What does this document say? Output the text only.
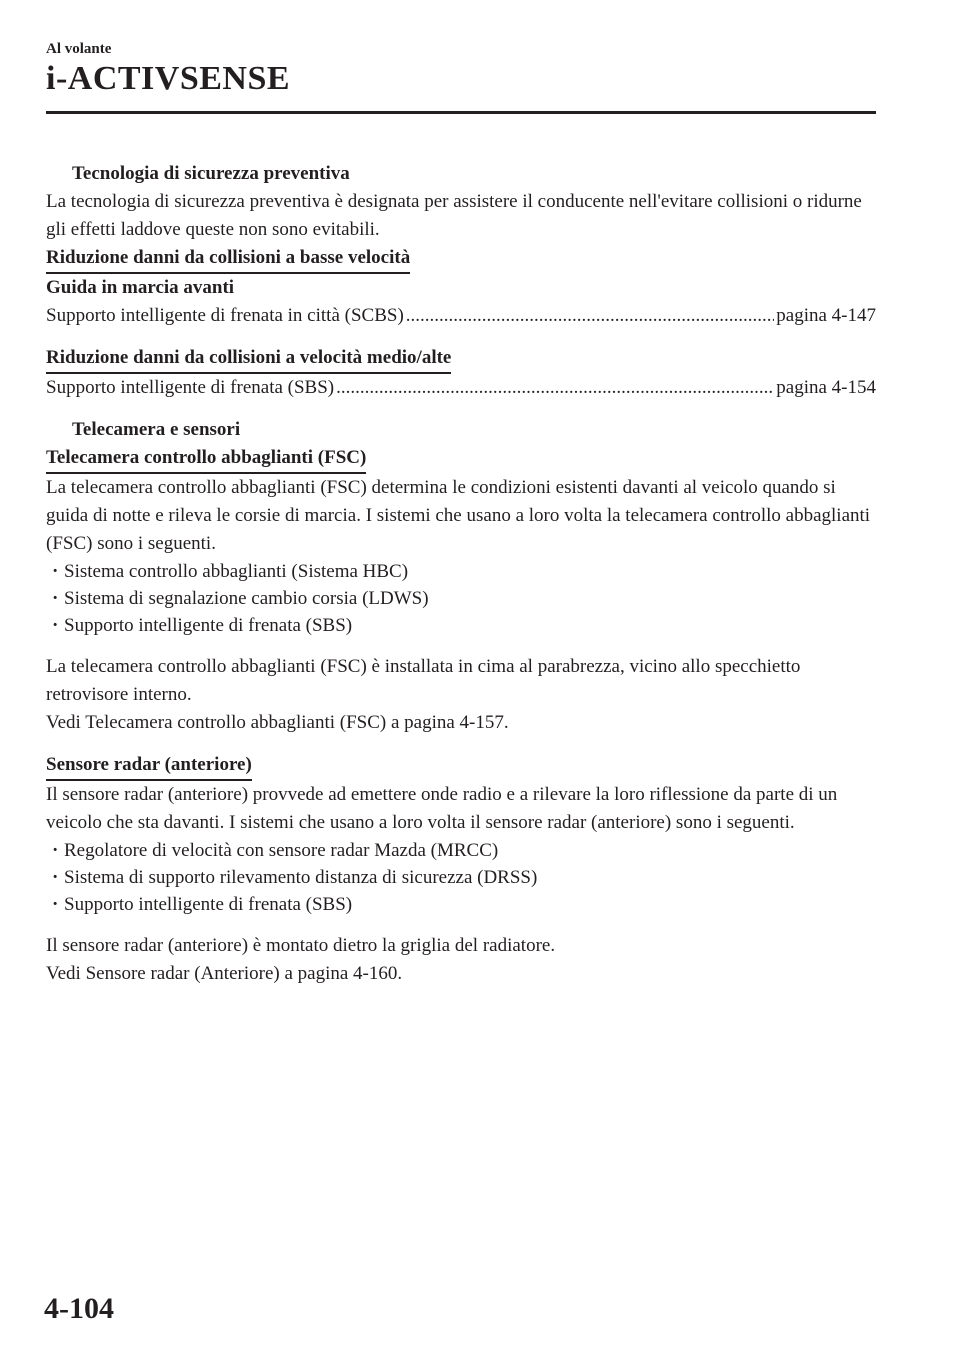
Al volante
i-ACTIVSENSE

Tecnologia di sicurezza preventiva

La tecnologia di sicurezza preventiva è designata per assistere il conducente nell'evitare collisioni o ridurne gli effetti laddove queste non sono evitabili.

Riduzione danni da collisioni a basse velocità

Guida in marcia avanti

Supporto intelligente di frenata in città (SCBS) .....	pagina 4-147

Riduzione danni da collisioni a velocità medio/alte

Supporto intelligente di frenata (SBS) .....	pagina 4-154

Telecamera e sensori

Telecamera controllo abbaglianti (FSC)

La telecamera controllo abbaglianti (FSC) determina le condizioni esistenti davanti al veicolo quando si guida di notte e rileva le corsie di marcia. I sistemi che usano a loro volta la telecamera controllo abbaglianti (FSC) sono i seguenti.

· Sistema controllo abbaglianti (Sistema HBC)
· Sistema di segnalazione cambio corsia (LDWS)
· Supporto intelligente di frenata (SBS)

La telecamera controllo abbaglianti (FSC) è installata in cima al parabrezza, vicino allo specchietto retrovisore interno.
Vedi Telecamera controllo abbaglianti (FSC) a pagina 4-157.

Sensore radar (anteriore)

Il sensore radar (anteriore) provvede ad emettere onde radio e a rilevare la loro riflessione da parte di un veicolo che sta davanti. I sistemi che usano a loro volta il sensore radar (anteriore) sono i seguenti.

· Regolatore di velocità con sensore radar Mazda (MRCC)
· Sistema di supporto rilevamento distanza di sicurezza (DRSS)
· Supporto intelligente di frenata (SBS)

Il sensore radar (anteriore) è montato dietro la griglia del radiatore.
Vedi Sensore radar (Anteriore) a pagina 4-160.

4-104
